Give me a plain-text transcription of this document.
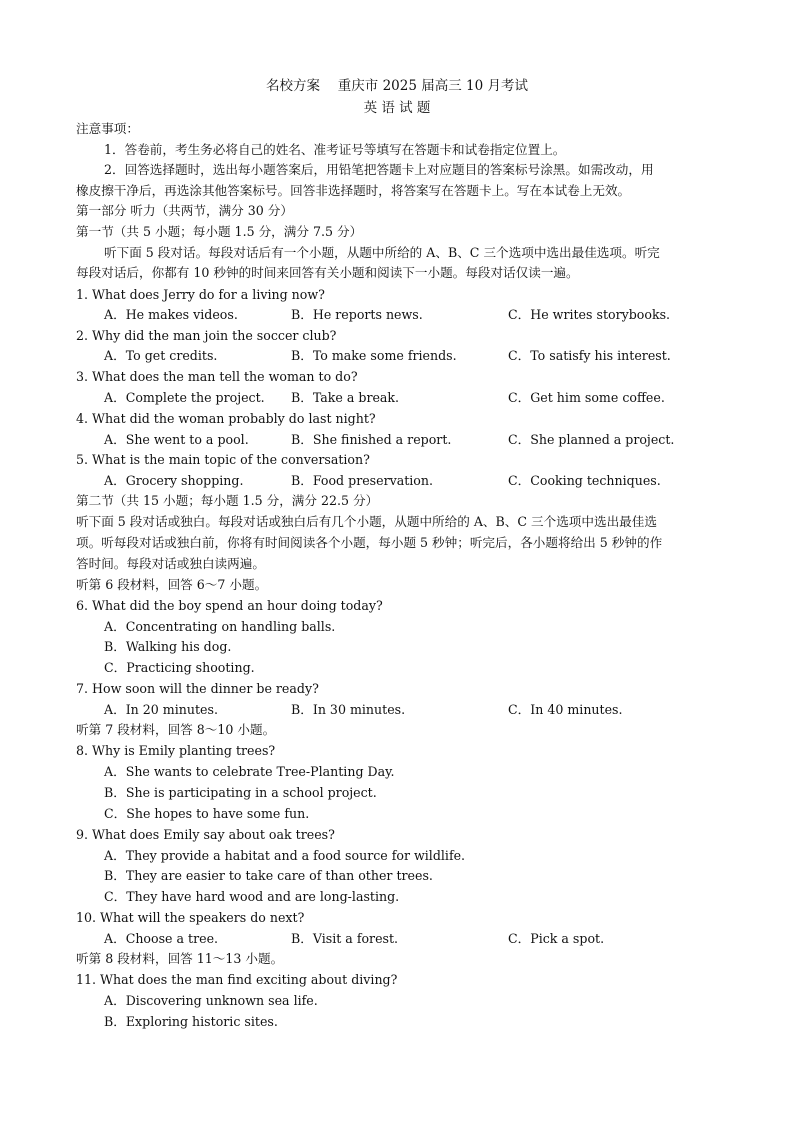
名校方案　 重庆市 2025 届高三 10 月考试
英 语 试 题
注意事项：
1．答卷前，考生务必将自己的姓名、准考证号等填写在答题卡和试卷指定位置上。
2．回答选择题时，选出每小题答案后，用铅笔把答题卡上对应题目的答案标号涂黑。如需改动，用
橡皮擦干净后，再选涂其他答案标号。回答非选择题时，将答案写在答题卡上。写在本试卷上无效。
第一部分 听力（共两节，满分 30 分）
第一节（共 5 小题；每小题 1.5 分，满分 7.5 分）
听下面 5 段对话。每段对话后有一个小题，从题中所给的 A、B、C 三个选项中选出最佳选项。听完
每段对话后，你都有 10 秒钟的时间来回答有关小题和阅读下一小题。每段对话仅读一遍。
1. What does Jerry do for a living now?
A．He makes videos.	B．He reports news.	C．He writes storybooks.
2. Why did the man join the soccer club?
A．To get credits.	B．To make some friends.	C．To satisfy his interest.
3. What does the man tell the woman to do?
A．Complete the project. B．Take a break.	C．Get him some coffee.
4. What did the woman probably do last night?
A．She went to a pool.	B．She finished a report.	C．She planned a project.
5. What is the main topic of the conversation?
A．Grocery shopping.	B．Food preservation.	C．Cooking techniques.
第二节（共 15 小题；每小题 1.5 分，满分 22.5 分）
听下面 5 段对话或独白。每段对话或独白后有几个小题，从题中所给的 A、B、C 三个选项中选出最佳选
项。听每段对话或独白前，你将有时间阅读各个小题，每小题 5 秒钟；听完后，各小题将给出 5 秒钟的作
答时间。每段对话或独白读两遍。
听第 6 段材料，回答 6～7 小题。
6. What did the boy spend an hour doing today?
A．Concentrating on handling balls.
B．Walking his dog.
C．Practicing shooting.
7. How soon will the dinner be ready?
A．In 20 minutes.	B．In 30 minutes.	C．In 40 minutes.
听第 7 段材料，回答 8～10 小题。
8. Why is Emily planting trees?
A．She wants to celebrate Tree-Planting Day.
B．She is participating in a school project.
C．She hopes to have some fun.
9. What does Emily say about oak trees?
A．They provide a habitat and a food source for wildlife.
B．They are easier to take care of than other trees.
C．They have hard wood and are long-lasting.
10. What will the speakers do next?
A．Choose a tree.	B．Visit a forest.	C．Pick a spot.
听第 8 段材料，回答 11～13 小题。
11. What does the man find exciting about diving?
A．Discovering unknown sea life.
B．Exploring historic sites.
